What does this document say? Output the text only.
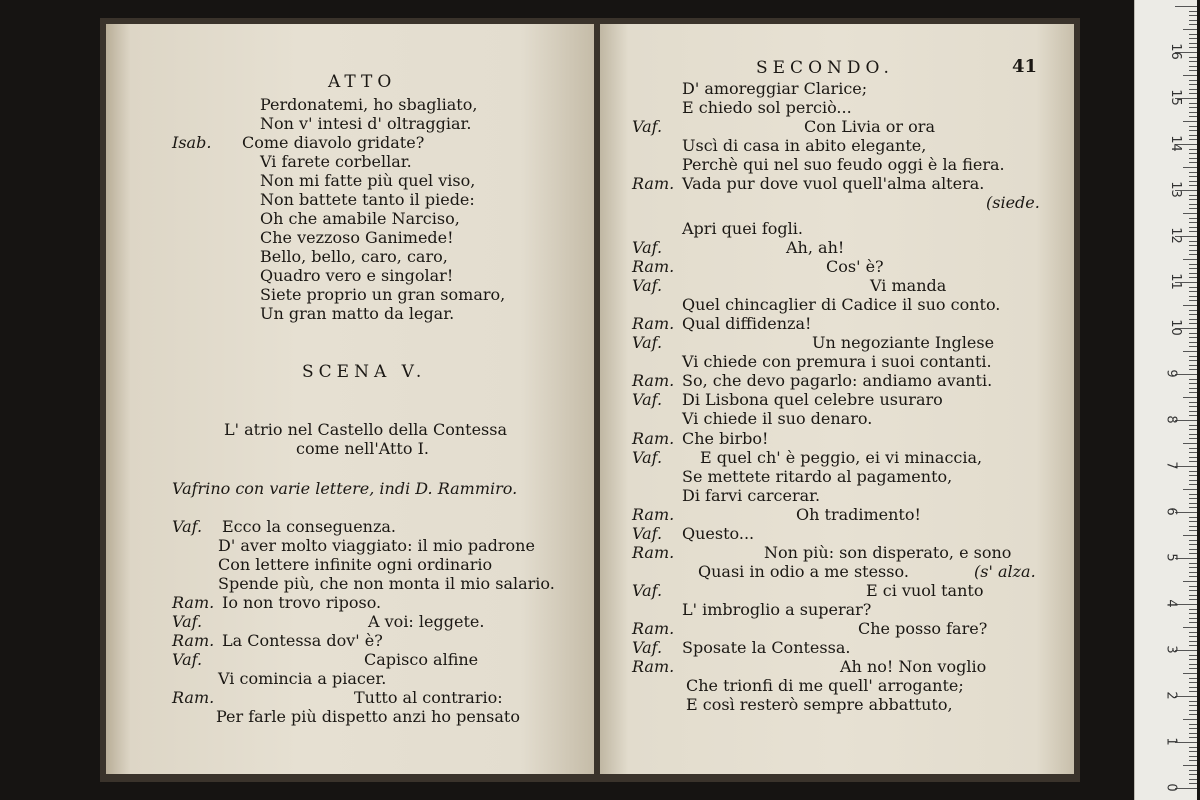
ATTO
Perdonatemi, ho sbagliato,
Non v' intesi d' oltraggiar.
Isab. Come diavolo gridate?
Vi farete corbellar.
Non mi fatte più quel viso,
Non battete tanto il piede:
Oh che amabile Narciso,
Che vezzoso Ganimede!
Bello, bello, caro, caro,
Quadro vero e singolar!
Siete proprio un gran somaro,
Un gran matto da legar.
SCENA V.
L' atrio nel Castello della Contessa
come nell'Atto I.
Vafrino con varie lettere, indi D. Rammiro.
Vaf. Ecco la conseguenza.
D' aver molto viaggiato: il mio padrone
Con lettere infinite ogni ordinario
Spende più, che non monta il mio salario.
Ram. Io non trovo riposo.
Vaf.	A voi: leggete.
Ram. La Contessa dov' è?
Vaf.	Capisco alfine
Vi comincia a piacer.
Ram.	Tutto al contrario:
Per farle più dispetto anzi ho pensato
SECONDO.	41
D' amoreggiar Clarice;
E chiedo sol perciò...
Vaf.	Con Livia or ora
Uscì di casa in abito elegante,
Perchè qui nel suo feudo oggi è la fiera.
Ram. Vada pur dove vuol quell'alma altera.
(siede.
Apri quei fogli.
Vaf.	Ah, ah!
Ram.	Cos' è?
Vaf.	Vi manda
Quel chincaglier di Cadice il suo conto.
Ram. Qual diffidenza!
Vaf.	Un negoziante Inglese
Vi chiede con premura i suoi contanti.
Ram. So, che devo pagarlo: andiamo avanti.
Vaf. Di Lisbona quel celebre usuraro
Vi chiede il suo denaro.
Ram. Che birbo!
Vaf. E quel ch' è peggio, ei vi minaccia,
Se mettete ritardo al pagamento,
Di farvi carcerar.
Ram.	Oh tradimento!
Vaf. Questo...
Ram.	Non più: son disperato, e sono
Quasi in odio a me stesso.	(s' alza.
Vaf.	E ci vuol tanto
L' imbroglio a superar?
Ram.	Che posso fare?
Vaf. Sposate la Contessa.
Ram.	Ah no! Non voglio
Che trionfi di me quell' arrogante;
E così resterò sempre abbattuto,
0
1
2
3
4
5
6
7
8
9
10
11
12
13
14
15
16
